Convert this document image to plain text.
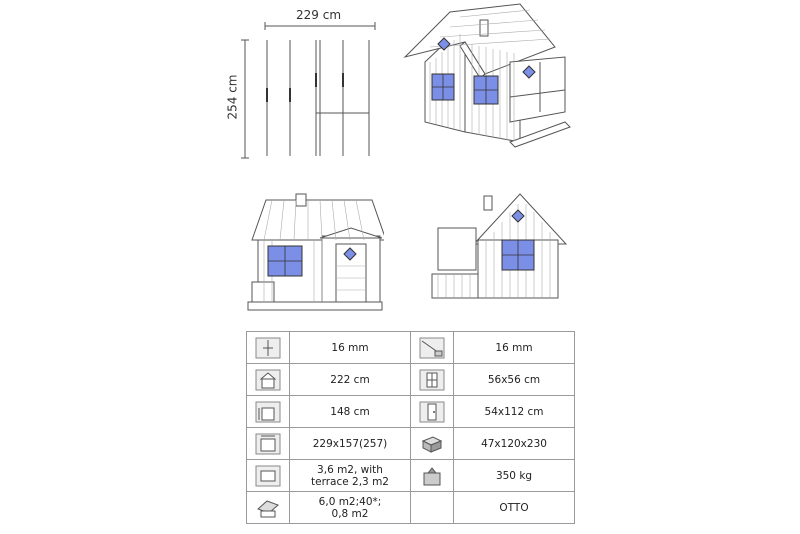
229 cm
254 cm
	16 mm		16 mm

	222 cm		56x56 cm

	148 cm		54x112 cm

	229x157(257)		47x120x230

	3,6 m2, with
terrace 2,3 m2		350 kg

	6,0 m2;40*;
0,8 m2		OTTO
